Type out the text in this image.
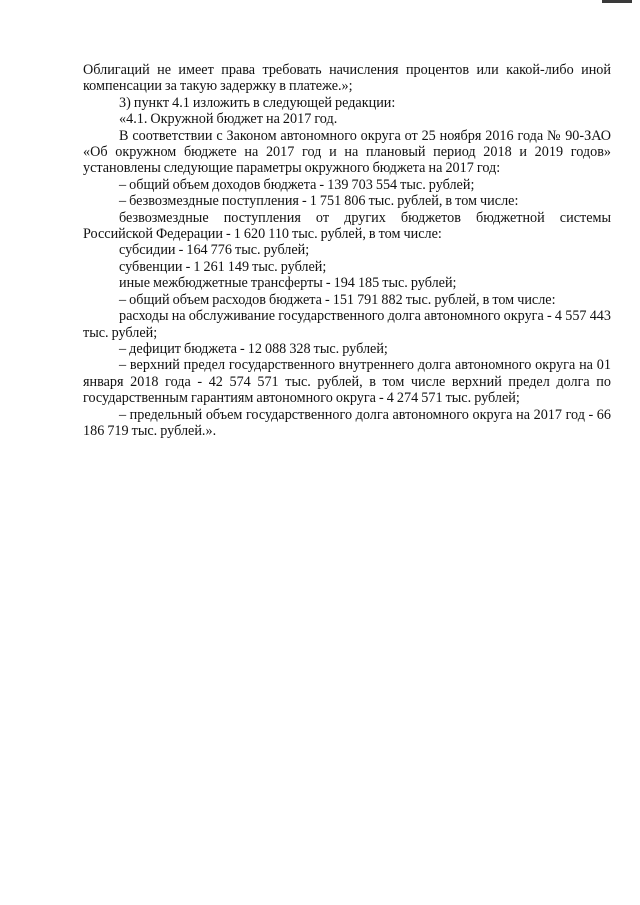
Облигаций не имеет права требовать начисления процентов или какой-либо иной компенсации за такую задержку в платеже.»;

3) пункт 4.1 изложить в следующей редакции:

«4.1. Окружной бюджет на 2017 год.

В соответствии с Законом автономного округа от 25 ноября 2016 года № 90-ЗАО «Об окружном бюджете на 2017 год и на плановый период 2018 и 2019 годов» установлены следующие параметры окружного бюджета на 2017 год:

– общий объем доходов бюджета - 139 703 554 тыс. рублей;

– безвозмездные поступления - 1 751 806 тыс. рублей, в том числе:

безвозмездные поступления от других бюджетов бюджетной системы Российской Федерации - 1 620 110 тыс. рублей, в том числе:

субсидии - 164 776 тыс. рублей;

субвенции - 1 261 149 тыс. рублей;

иные межбюджетные трансферты - 194 185 тыс. рублей;

– общий объем расходов бюджета - 151 791 882 тыс. рублей, в том числе:

расходы на обслуживание государственного долга автономного округа - 4 557 443 тыс. рублей;

– дефицит бюджета - 12 088 328 тыс. рублей;

– верхний предел государственного внутреннего долга автономного округа на 01 января 2018 года - 42 574 571 тыс. рублей, в том числе верхний предел долга по государственным гарантиям автономного округа - 4 274 571 тыс. рублей;

– предельный объем государственного долга автономного округа на 2017 год - 66 186 719 тыс. рублей.».
